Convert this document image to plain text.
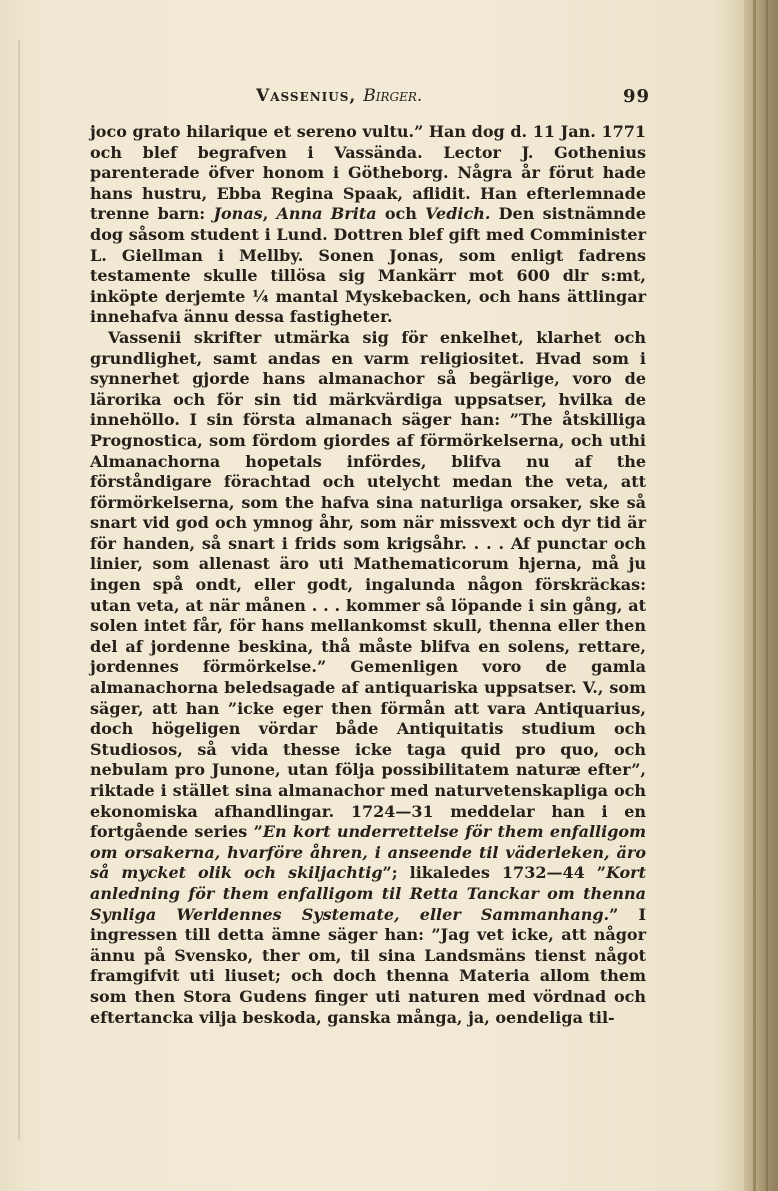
Vassenius, Birger.	99

joco grato hilarique et sereno vultu.” Han dog d. 11 Jan. 1771 och blef begrafven i Vassända. Lector J. Gothenius parenterade öfver honom i Götheborg. Några år förut hade hans hustru, Ebba Regina Spaak, aflidit. Han efterlemnade trenne barn: Jonas, Anna Brita och Vedich. Den sistnämnde dog såsom student i Lund. Dottren blef gift med Comminister L. Giellman i Mellby. Sonen Jonas, som enligt fadrens testamente skulle tillösa sig Mankärr mot 600 dlr s:mt, inköpte derjemte ¼ mantal Myskebacken, och hans ättlingar innehafva ännu dessa fastigheter.

Vassenii skrifter utmärka sig för enkelhet, klarhet och grundlighet, samt andas en varm religiositet. Hvad som i synnerhet gjorde hans almanachor så begärlige, voro de lärorika och för sin tid märkvärdiga uppsatser, hvilka de innehöllo. I sin första almanach säger han: ”The åtskilliga Prognostica, som fördom giordes af förmörkelserna, och uthi Almanachorna hopetals infördes, blifva nu af the förståndigare förachtad och utelycht medan the veta, att förmörkelserna, som the hafva sina naturliga orsaker, ske så snart vid god och ymnog åhr, som när missvext och dyr tid är för handen, så snart i frids som krigsåhr. . . . Af punctar och linier, som allenast äro uti Mathematicorum hjerna, må ju ingen spå ondt, eller godt, ingalunda någon förskräckas: utan veta, at när månen . . . kommer så löpande i sin gång, at solen intet får, för hans mellankomst skull, thenna eller then del af jordenne beskina, thå måste blifva en solens, rettare, jordennes förmörkelse.” Gemenligen voro de gamla almanachorna beledsagade af antiquariska uppsatser. V., som säger, att han ”icke eger then förmån att vara Antiquarius, doch högeligen vördar både Antiquitatis studium och Studiosos, så vida thesse icke taga quid pro quo, och nebulam pro Junone, utan följa possibilitatem naturæ efter”, riktade i stället sina almanachor med naturvetenskapliga och ekonomiska afhandlingar. 1724—31 meddelar han i en fortgående series ”En kort underrettelse för them enfalligom om orsakerna, hvarföre åhren, i anseende til väderleken, äro så mycket olik och skiljachtig”; likaledes 1732—44 ”Kort anledning för them enfalligom til Retta Tanckar om thenna Synliga Werldennes Systemate, eller Sammanhang.” I ingressen till detta ämne säger han: ”Jag vet icke, att någor ännu på Svensko, ther om, til sina Landsmäns tienst något framgifvit uti liuset; och doch thenna Materia allom them som then Stora Gudens finger uti naturen med vördnad och eftertancka vilja beskoda, ganska många, ja, oendeliga til-
